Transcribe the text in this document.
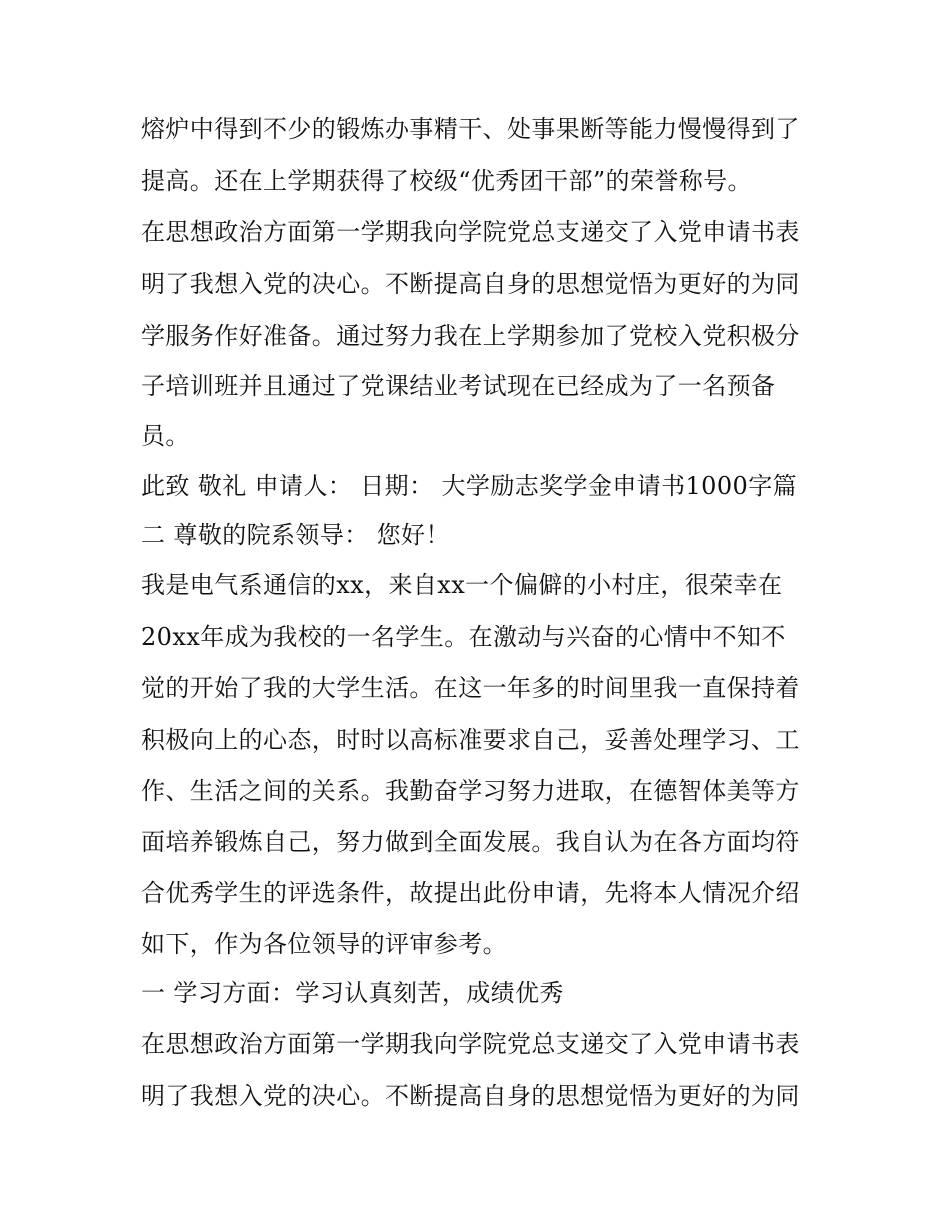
熔炉中得到不少的锻炼办事精干、处事果断等能力慢慢得到了
提高。还在上学期获得了校级“优秀团干部”的荣誉称号。
在思想政治方面第一学期我向学院党总支递交了入党申请书表
明了我想入党的决心。不断提高自身的思想觉悟为更好的为同
学服务作好准备。通过努力我在上学期参加了党校入党积极分
子培训班并且通过了党课结业考试现在已经成为了一名预备
员。
此致 敬礼 申请人： 日期： 大学励志奖学金申请书1000字篇
二 尊敬的院系领导： 您好！
我是电气系通信的xx，来自xx一个偏僻的小村庄，很荣幸在
20xx年成为我校的一名学生。在激动与兴奋的心情中不知不
觉的开始了我的大学生活。在这一年多的时间里我一直保持着
积极向上的心态，时时以高标准要求自己，妥善处理学习、工
作、生活之间的关系。我勤奋学习努力进取，在德智体美等方
面培养锻炼自己，努力做到全面发展。我自认为在各方面均符
合优秀学生的评选条件，故提出此份申请，先将本人情况介绍
如下，作为各位领导的评审参考。
一 学习方面：学习认真刻苦，成绩优秀
在思想政治方面第一学期我向学院党总支递交了入党申请书表
明了我想入党的决心。不断提高自身的思想觉悟为更好的为同
